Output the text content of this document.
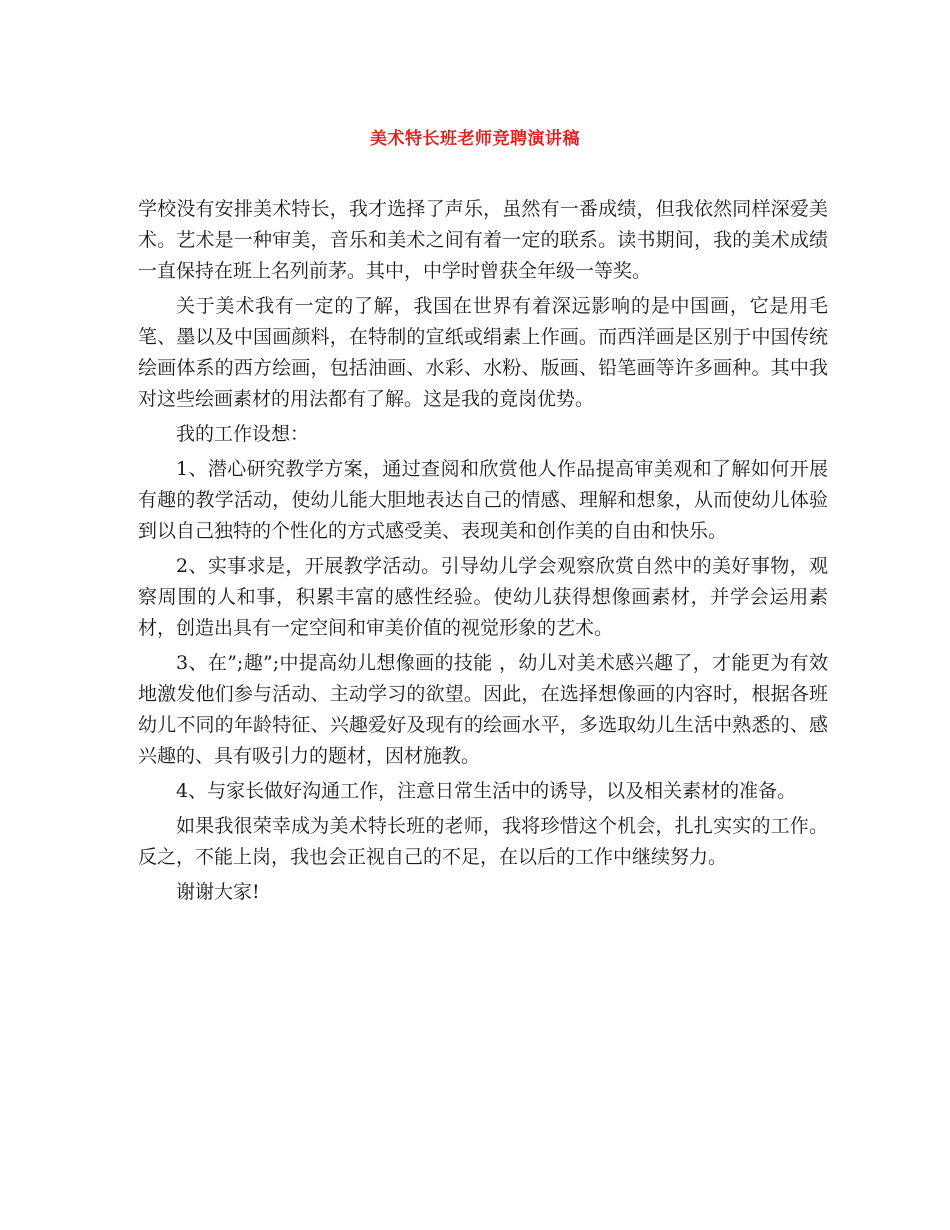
美术特长班老师竞聘演讲稿

学校没有安排美术特长，我才选择了声乐，虽然有一番成绩，但我依然同样深爱美术。艺术是一种审美，音乐和美术之间有着一定的联系。读书期间，我的美术成绩一直保持在班上名列前茅。其中，中学时曾获全年级一等奖。

关于美术我有一定的了解，我国在世界有着深远影响的是中国画，它是用毛笔、墨以及中国画颜料，在特制的宣纸或绢素上作画。而西洋画是区别于中国传统绘画体系的西方绘画，包括油画、水彩、水粉、版画、铅笔画等许多画种。其中我对这些绘画素材的用法都有了解。这是我的竟岗优势。

我的工作设想：

1、潜心研究教学方案，通过查阅和欣赏他人作品提高审美观和了解如何开展有趣的教学活动，使幼儿能大胆地表达自己的情感、理解和想象，从而使幼儿体验到以自己独特的个性化的方式感受美、表现美和创作美的自由和快乐。

2、实事求是，开展教学活动。引导幼儿学会观察欣赏自然中的美好事物，观察周围的人和事，积累丰富的感性经验。使幼儿获得想像画素材，并学会运用素材，创造出具有一定空间和审美价值的视觉形象的艺术。

3、在”;趣”;中提高幼儿想像画的技能 ，幼儿对美术感兴趣了，才能更为有效地激发他们参与活动、主动学习的欲望。因此，在选择想像画的内容时，根据各班幼儿不同的年龄特征、兴趣爱好及现有的绘画水平，多选取幼儿生活中熟悉的、感兴趣的、具有吸引力的题材，因材施教。

4、与家长做好沟通工作，注意日常生活中的诱导，以及相关素材的准备。

如果我很荣幸成为美术特长班的老师，我将珍惜这个机会，扎扎实实的工作。反之，不能上岗，我也会正视自己的不足，在以后的工作中继续努力。

谢谢大家!
